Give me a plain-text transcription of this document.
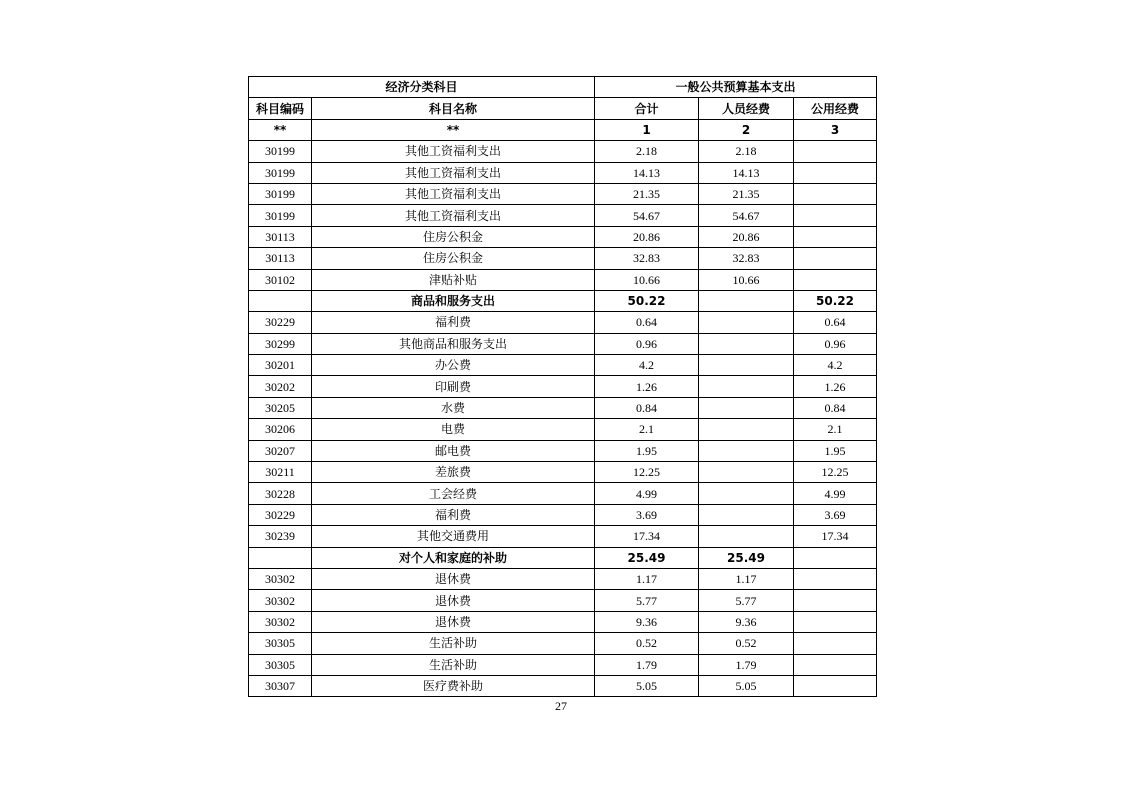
经济分类科目		一般公共预算基本支出		
科目编码	科目名称	合计	人员经费	公用经费
**	**	1	2	3
30199	其他工资福利支出	2.18	2.18	
30199	其他工资福利支出	14.13	14.13	
30199	其他工资福利支出	21.35	21.35	
30199	其他工资福利支出	54.67	54.67	
30113	住房公积金	20.86	20.86	
30113	住房公积金	32.83	32.83	
30102	津贴补贴	10.66	10.66	
	商品和服务支出	50.22		50.22
30229	福利费	0.64		0.64
30299	其他商品和服务支出	0.96		0.96
30201	办公费	4.2		4.2
30202	印刷费	1.26		1.26
30205	水费	0.84		0.84
30206	电费	2.1		2.1
30207	邮电费	1.95		1.95
30211	差旅费	12.25		12.25
30228	工会经费	4.99		4.99
30229	福利费	3.69		3.69
30239	其他交通费用	17.34		17.34
	对个人和家庭的补助	25.49	25.49	
30302	退休费	1.17	1.17	
30302	退休费	5.77	5.77	
30302	退休费	9.36	9.36	
30305	生活补助	0.52	0.52	
30305	生活补助	1.79	1.79	
30307	医疗费补助	5.05	5.05	
27
